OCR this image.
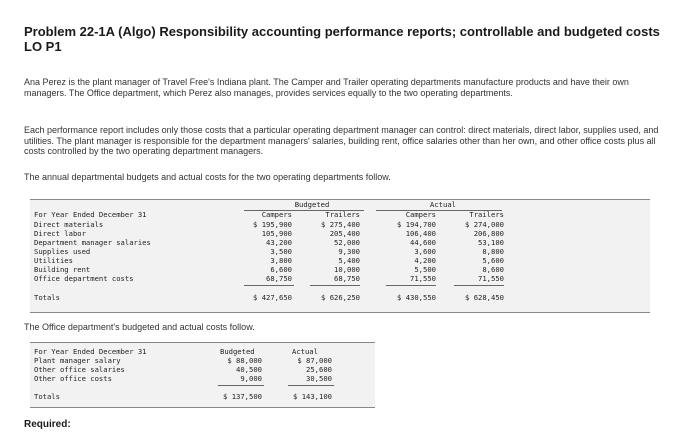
Problem 22-1A (Algo) Responsibility accounting performance reports; controllable and budgeted costs LO P1
Ana Perez is the plant manager of Travel Free's Indiana plant. The Camper and Trailer operating departments manufacture products and have their own managers. The Office department, which Perez also manages, provides services equally to the two operating departments.
Each performance report includes only those costs that a particular operating department manager can control: direct materials, direct labor, supplies used, and utilities. The plant manager is responsible for the department managers' salaries, building rent, office salaries other than her own, and other office costs plus all costs controlled by the two operating department managers.
The annual departmental budgets and actual costs for the two operating departments follow.
Budgeted	Actual
For Year Ended December 31	Campers	Trailers	Campers	Trailers
Direct materials	$ 195,900	$ 275,400	$ 194,700	$ 274,000
Direct labor	105,900	205,400	106,400	206,800
Department manager salaries	43,200	52,000	44,600	53,100
Supplies used	3,500	9,300	3,600	8,800
Utilities	3,800	5,400	4,200	5,600
Building rent	6,600	10,000	5,500	8,600
Office department costs	68,750	68,750	71,550	71,550
Totals	$ 427,650	$ 626,250	$ 430,550	$ 628,450
The Office department's budgeted and actual costs follow.
For Year Ended December 31	Budgeted	Actual
Plant manager salary	$ 88,000	$ 87,000
Other office salaries	40,500	25,600
Other office costs	9,000	30,500
Totals	$ 137,500	$ 143,100
Required:
